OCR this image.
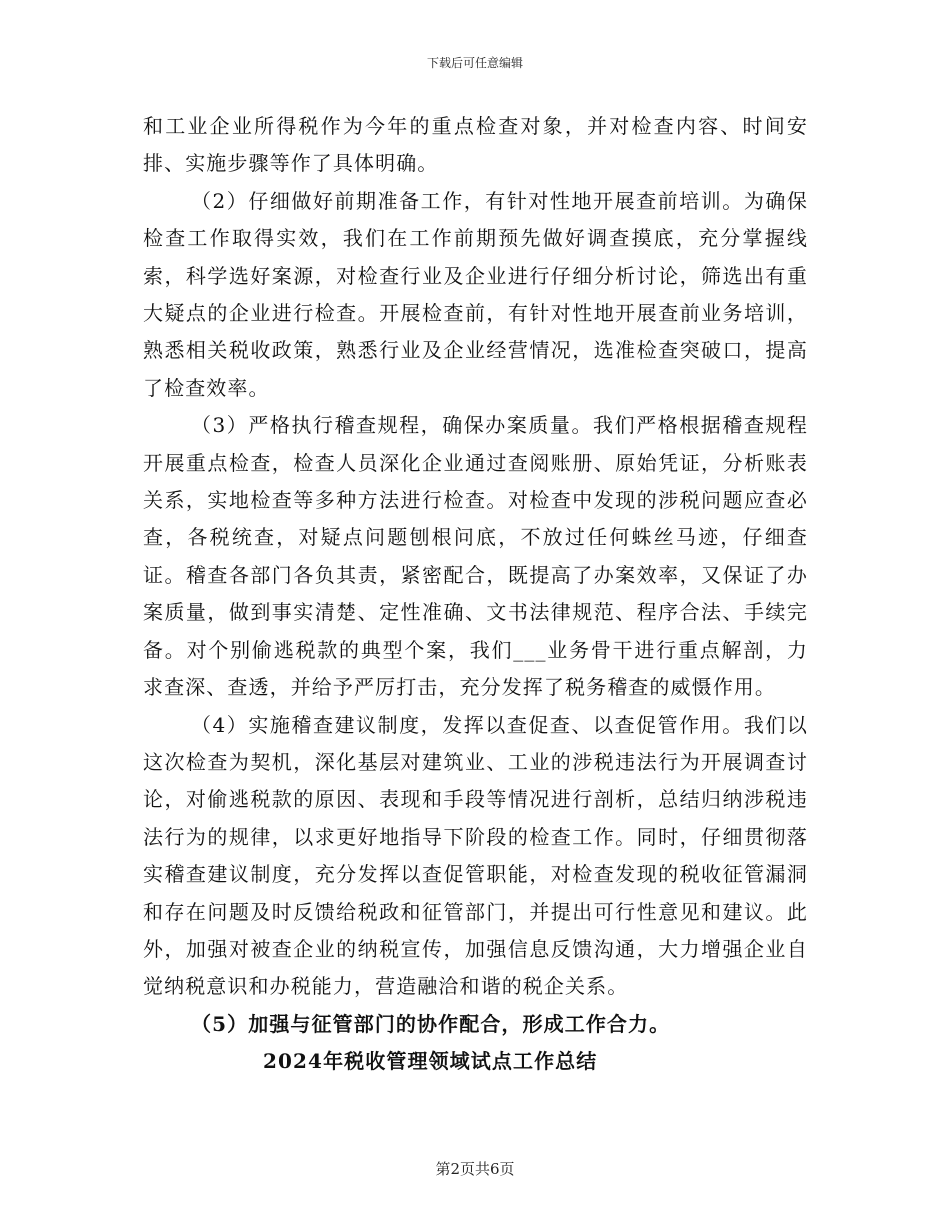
下载后可任意编辑

和工业企业所得税作为今年的重点检查对象，并对检查内容、时间安排、实施步骤等作了具体明确。

（2）仔细做好前期准备工作，有针对性地开展查前培训。为确保检查工作取得实效，我们在工作前期预先做好调查摸底，充分掌握线索，科学选好案源，对检查行业及企业进行仔细分析讨论，筛选出有重大疑点的企业进行检查。开展检查前，有针对性地开展查前业务培训，熟悉相关税收政策，熟悉行业及企业经营情况，选准检查突破口，提高了检查效率。

（3）严格执行稽查规程，确保办案质量。我们严格根据稽查规程开展重点检查，检查人员深化企业通过查阅账册、原始凭证，分析账表关系，实地检查等多种方法进行检查。对检查中发现的涉税问题应查必查，各税统查，对疑点问题刨根问底，不放过任何蛛丝马迹，仔细查证。稽查各部门各负其责，紧密配合，既提高了办案效率，又保证了办案质量，做到事实清楚、定性准确、文书法律规范、程序合法、手续完备。对个别偷逃税款的典型个案，我们___业务骨干进行重点解剖，力求查深、查透，并给予严厉打击，充分发挥了税务稽查的威慑作用。

（4）实施稽查建议制度，发挥以查促查、以查促管作用。我们以这次检查为契机，深化基层对建筑业、工业的涉税违法行为开展调查讨论，对偷逃税款的原因、表现和手段等情况进行剖析，总结归纳涉税违法行为的规律，以求更好地指导下阶段的检查工作。同时，仔细贯彻落实稽查建议制度，充分发挥以查促管职能，对检查发现的税收征管漏洞和存在问题及时反馈给税政和征管部门，并提出可行性意见和建议。此外，加强对被查企业的纳税宣传，加强信息反馈沟通，大力增强企业自觉纳税意识和办税能力，营造融洽和谐的税企关系。

（5）加强与征管部门的协作配合，形成工作合力。

2024年税收管理领域试点工作总结

第2页共6页
